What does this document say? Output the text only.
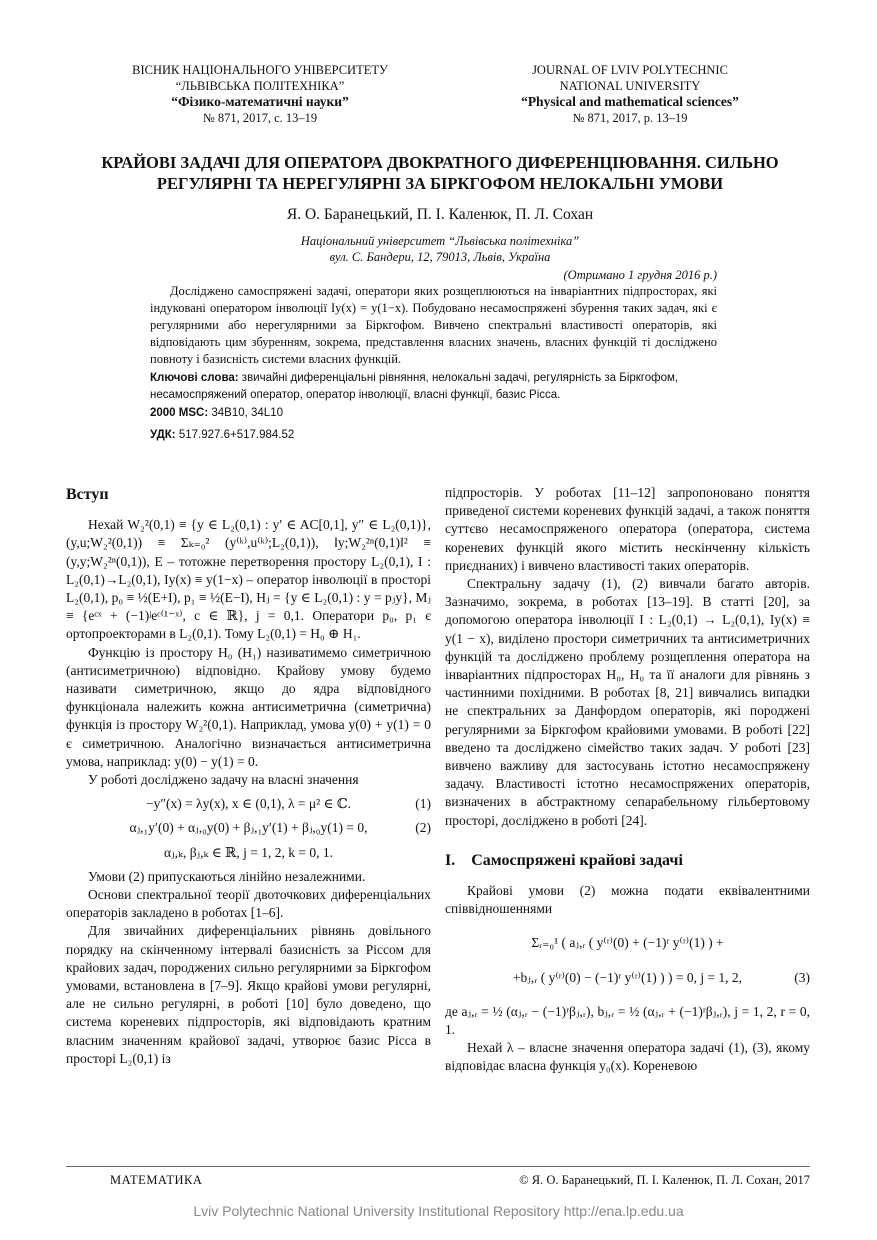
ВІСНИК НАЦІОНАЛЬНОГО УНІВЕРСИТЕТУ
“ЛЬВІВСЬКА ПОЛІТЕХНІКА”
“Фізико-математичні науки”
№ 871, 2017, с. 13–19
JOURNAL OF LVIV POLYTECHNIC
NATIONAL UNIVERSITY
“Physical and mathematical sciences”
№ 871, 2017, p. 13–19
КРАЙОВІ ЗАДАЧІ ДЛЯ ОПЕРАТОРА ДВОКРАТНОГО ДИФЕРЕНЦІЮВАННЯ. СИЛЬНО РЕГУЛЯРНІ ТА НЕРЕГУЛЯРНІ ЗА БІРКГОФОМ НЕЛОКАЛЬНІ УМОВИ
Я. О. Баранецький, П. І. Каленюк, П. Л. Сохан
Національний університет “Львівська політехніка”
вул. С. Бандери, 12, 79013, Львів, Україна
(Отримано 1 грудня 2016 р.)
Досліджено самоспряжені задачі, оператори яких розщеплюються на інваріантних підпросторах, які індуковані оператором інволюції Iy(x) = y(1−x). Побудовано несамоспряжені збурення таких задач, які є регулярними або нерегулярними за Біркгофом. Вивчено спектральні властивості операторів, які відповідають цим збуренням, зокрема, представлення власних значень, власних функцій ті досліджено повноту і базисність системи власних функцій.
Ключові слова: звичайні диференціальні рівняння, нелокальні задачі, регулярність за Біркгофом, несамоспряжений оператор, оператор інволюції, власні функції, базис Рісса.
2000 MSC: 34B10, 34L10
УДК: 517.927.6+517.984.52
Вступ

Нехай W₂²(0,1) ≡ {y ∈ L₂(0,1) : y′ ∈ AC[0,1], y″ ∈ L₂(0,1)}, (y,u;W₂²(0,1)) ≡ Σₖ₌₀² (y⁽ᵏ⁾,u⁽ᵏ⁾;L₂(0,1)), ‖y;W₂²ⁿ(0,1)‖² ≡ (y,y;W₂²ⁿ(0,1)), E – тотожне перетворення простору L₂(0,1), I : L₂(0,1)→L₂(0,1), Iy(x) ≡ y(1−x) – оператор інволюції в просторі L₂(0,1), p₀ ≡ ½(E+I), p₁ ≡ ½(E−I), Hⱼ = {y ∈ L₂(0,1) : y = pⱼy}, Mⱼ ≡ {eᶜˣ + (−1)ʲeᶜ⁽¹⁻ˣ⁾, c ∈ ℝ}, j = 0,1. Оператори p₀, p₁ є ортопроекторами в L₂(0,1). Тому L₂(0,1) = H₀ ⊕ H₁.

Функцію із простору H₀ (H₁) називатимемо симетричною (антисиметричною) відповідно. Крайову умову будемо називати симетричною, якщо до ядра відповідного функціонала належить кожна антисиметрична (симетрична) функція із простору W₂²(0,1). Наприклад, умова y(0) + y(1) = 0 є симетричною. Аналогічно визначається антисиметрична умова, наприклад: y(0) − y(1) = 0.

У роботі досліджено задачу на власні значення

−y″(x) = λy(x), x ∈ (0,1), λ = μ² ∈ ℂ.	(1)
αⱼ,₁y′(0) + αⱼ,₀y(0) + βⱼ,₁y′(1) + βⱼ,₀y(1) = 0,	(2)
αⱼ,ₖ, βⱼ,ₖ ∈ ℝ, j = 1, 2, k = 0, 1.

Умови (2) припускаються лінійно незалежними.

Основи спектральної теорії двоточкових диференціальних операторів закладено в роботах [1–6].

Для звичайних диференціальних рівнянь довільного порядку на скінченному інтервалі базисність за Ріссом для крайових задач, породжених сильно регулярними за Біркгофом умовами, встановлена в [7–9]. Якщо крайові умови регулярні, але не сильно регулярні, в роботі [10] було доведено, що система кореневих підпросторів, які відповідають кратним власним значенням крайової задачі, утворює базис Рісса в просторі L₂(0,1) із

підпросторів. У роботах [11–12] запропоновано поняття приведеної системи кореневих функцій задачі, а також поняття суттєво несамоспряженого оператора (оператора, система кореневих функцій якого містить нескінченну кількість приєднаних) і вивчено властивості таких операторів.

Спектральну задачу (1), (2) вивчали багато авторів. Зазначимо, зокрема, в роботах [13–19]. В статті [20], за допомогою оператора інволюції I : L₂(0,1) → L₂(0,1), Iy(x) ≡ y(1 − x), виділено простори симетричних та антисиметричних функцій та досліджено проблему розщеплення оператора на інваріантних підпросторах H₀, H₀ та її аналоги для рівнянь з частинними похідними. В роботах [8, 21] вивчались випадки не спектральних за Данфордом операторів, які породжені регулярними за Біркгофом крайовими умовами. В роботі [22] введено та досліджено сімейство таких задач. У роботі [23] вивчено важливу для застосувань істотно несамоспряжену задачу. Властивості істотно несамоспряжених операторів, визначених в абстрактному сепарабельному гільбертовому просторі, досліджено в роботі [24].

I. Самоспряжені крайові задачі

Крайові умови (2) можна подати еквівалентними співвідношеннями

Σᵣ₌₀¹ ( aⱼ,ᵣ ( y⁽ʳ⁾(0) + (−1)ʳ y⁽ʳ⁾(1) ) +
+bⱼ,ᵣ ( y⁽ʳ⁾(0) − (−1)ʳ y⁽ʳ⁾(1) ) ) = 0, j = 1, 2,	(3)

де aⱼ,ᵣ = ½ (αⱼ,ᵣ − (−1)ʳβⱼ,ᵣ), bⱼ,ᵣ = ½ (αⱼ,ᵣ + (−1)ʳβⱼ,ᵣ), j = 1, 2, r = 0, 1.

Нехай λ – власне значення оператора задачі (1), (3), якому відповідає власна функція y₀(x). Кореневою

МАТЕМАТИКА	© Я. О. Баранецький, П. І. Каленюк, П. Л. Сохан, 2017
Lviv Polytechnic National University Institutional Repository http://ena.lp.edu.ua
